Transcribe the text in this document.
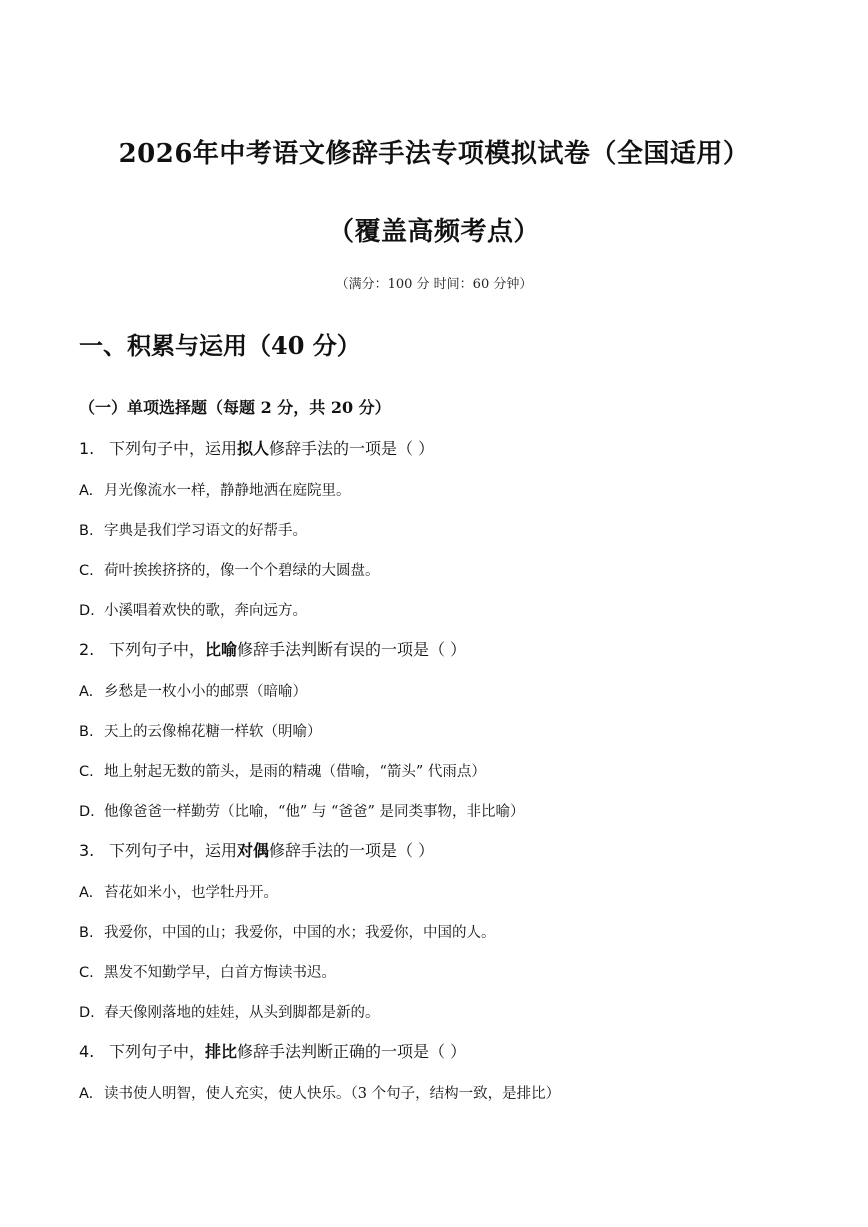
2026年中考语文修辞手法专项模拟试卷（全国适用）
（覆盖高频考点）
（满分：100 分 时间：60 分钟）
一、积累与运用（40 分）
（一）单项选择题（每题 2 分，共 20 分）
1. 下列句子中，运用拟人修辞手法的一项是（ ）
A. 月光像流水一样，静静地洒在庭院里。
B. 字典是我们学习语文的好帮手。
C. 荷叶挨挨挤挤的，像一个个碧绿的大圆盘。
D. 小溪唱着欢快的歌，奔向远方。
2. 下列句子中，比喻修辞手法判断有误的一项是（ ）
A. 乡愁是一枚小小的邮票（暗喻）
B. 天上的云像棉花糖一样软（明喻）
C. 地上射起无数的箭头，是雨的精魂（借喻，“箭头” 代雨点）
D. 他像爸爸一样勤劳（比喻，“他” 与 “爸爸” 是同类事物，非比喻）
3. 下列句子中，运用对偶修辞手法的一项是（ ）
A. 苔花如米小，也学牡丹开。
B. 我爱你，中国的山；我爱你，中国的水；我爱你，中国的人。
C. 黑发不知勤学早，白首方悔读书迟。
D. 春天像刚落地的娃娃，从头到脚都是新的。
4. 下列句子中，排比修辞手法判断正确的一项是（ ）
A. 读书使人明智，使人充实，使人快乐。（3 个句子，结构一致，是排比）
